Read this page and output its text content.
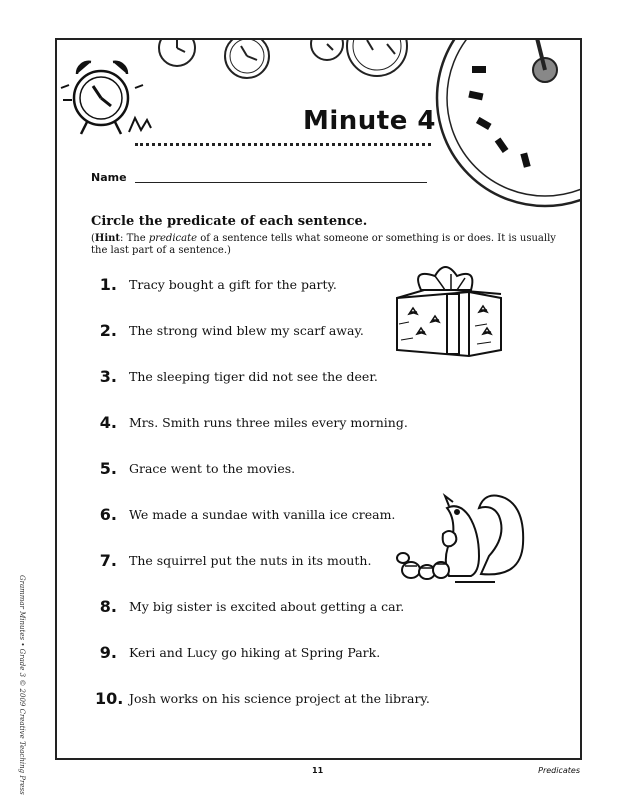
Minute 4
Name
Circle the predicate of each sentence.
(Hint: The predicate of a sentence tells what someone or something is or does. It is usually the last part of a sentence.)
1. Tracy bought a gift for the party.
2. The strong wind blew my scarf away.
3. The sleeping tiger did not see the deer.
4. Mrs. Smith runs three miles every morning.
5. Grace went to the movies.
6. We made a sundae with vanilla ice cream.
7. The squirrel put the nuts in its mouth.
8. My big sister is excited about getting a car.
9. Keri and Lucy go hiking at Spring Park.
10. Josh works on his science project at the library.
Grammar Minutes • Grade 3 © 2009 Creative Teaching Press	11	Predicates
